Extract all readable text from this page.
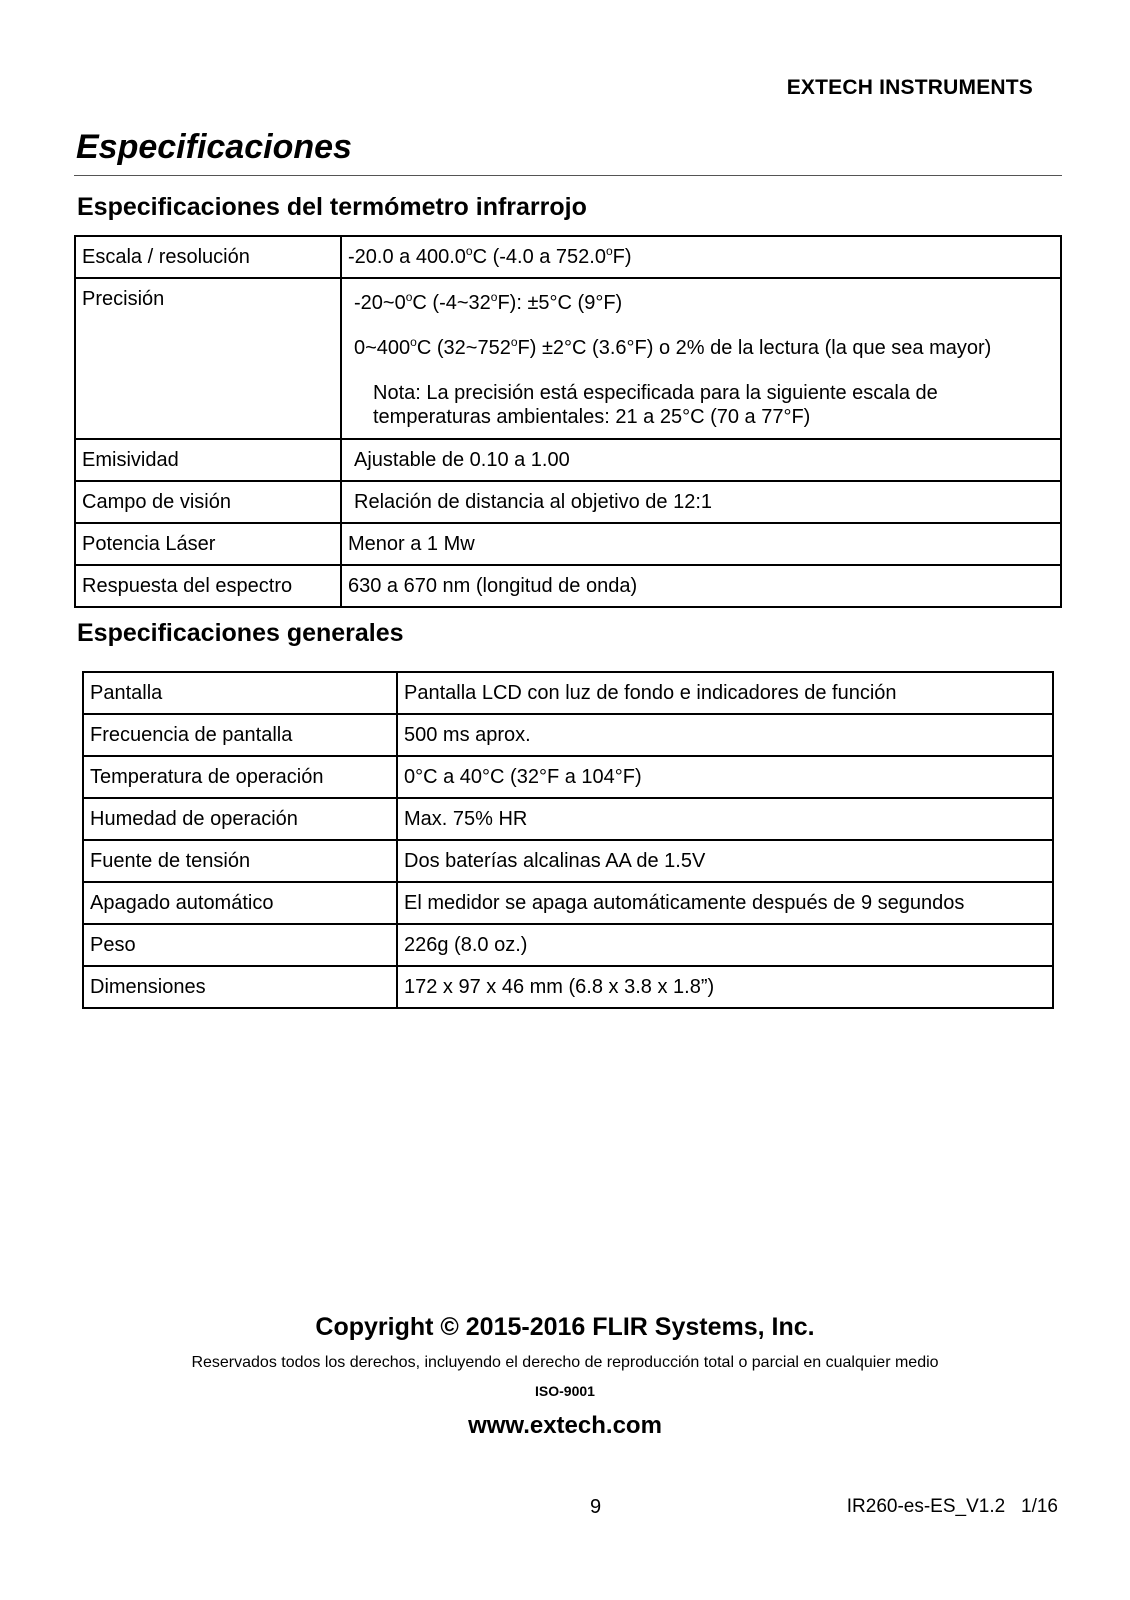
EXTECH INSTRUMENTS
Especificaciones
Especificaciones del termómetro infrarrojo
Escala / resolución	-20.0 a 400.0$^o$C (-4.0 a 752.0$^o$F)
Precisión	-20~0$^o$C $(-4\sim 32^oF)$: ±5°C (9°F)
0~400$^o$C $(32\sim 752^oF) \pm 2^\circ C$ (3.6°F) o 2% de la lectura (la que sea mayor)
Nota: La precisión está especificada para la siguiente escala de
temperaturas ambientales: 21 a 25°C (70 a 77°F)

Emisividad	Ajustable de 0.10 a 1.00
Campo de visión	Relación de distancia al objetivo de 12:1
Potencia Láser	Menor a 1 Mw
Respuesta del espectro	630 a 670 nm (longitud de onda)
Especificaciones generales
Pantalla	Pantalla LCD con luz de fondo e indicadores de función
Frecuencia de pantalla	500 ms aprox.
Temperatura de operación	0°C a 40°C (32°F a 104°F)
Humedad de operación	Max. 75% HR
Fuente de tensión	Dos baterías alcalinas AA de 1.5V
Apagado automático	El medidor se apaga automáticamente después de 9 segundos
Peso	226g (8.0 oz.)
Dimensiones	172 x 97 x 46 mm (6.8 x 3.8 x 1.8”)
Copyright © 2015-2016 FLIR Systems, Inc.
Reservados todos los derechos, incluyendo el derecho de reproducción total o parcial en cualquier medio
ISO-9001
www.extech.com
9	IR260-es-ES_V1.2   1/16
